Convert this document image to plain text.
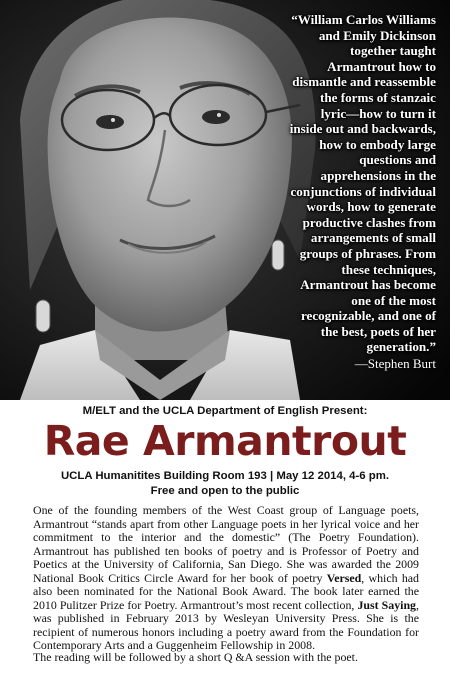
“William Carlos Williams
and Emily Dickinson
together taught
Armantrout how to
dismantle and reassemble
the forms of stanzaic
lyric—how to turn it
inside out and backwards,
how to embody large
questions and
apprehensions in the
conjunctions of individual
words, how to generate
productive clashes from
arrangements of small
groups of phrases. From
these techniques,
Armantrout has become
one of the most
recognizable, and one of
the best, poets of her
generation.”

—Stephen Burt

M/ELT and the UCLA Department of English Present:

Rae Armantrout

UCLA Humanitites Building Room 193 | May 12 2014, 4-6 pm.

Free and open to the public

One of the founding members of the West Coast group of Language poets, Armantrout “stands apart from other Language poets in her lyrical voice and her commitment to the interior and the domestic” (The Poetry Foundation). Armantrout has published ten books of poetry and is Professor of Poetry and Poetics at the University of California, San Diego. She was awarded the 2009 National Book Critics Circle Award for her book of poetry Versed, which had also been nominated for the National Book Award. The book later earned the 2010 Pulitzer Prize for Poetry. Armantrout’s most recent collection, Just Saying, was published in February 2013 by Wesleyan University Press. She is the recipient of numerous honors including a poetry award from the Foundation for Contemporary Arts and a Guggenheim Fellowship in 2008.

The reading will be followed by a short Q &A session with the poet.
